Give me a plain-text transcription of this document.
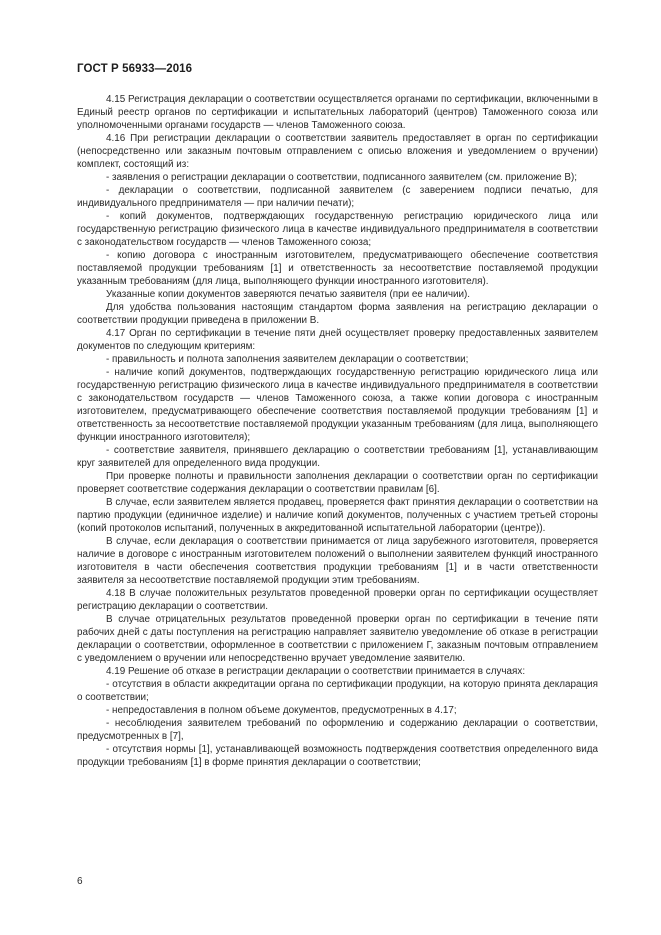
ГОСТ Р 56933—2016

4.15 Регистрация декларации о соответствии осуществляется органами по сертификации, включенными в Единый реестр органов по сертификации и испытательных лабораторий (центров) Таможенного союза или уполномоченными органами государств — членов Таможенного союза.

4.16 При регистрации декларации о соответствии заявитель предоставляет в орган по сертификации (непосредственно или заказным почтовым отправлением с описью вложения и уведомлением о вручении) комплект, состоящий из:

- заявления о регистрации декларации о соответствии, подписанного заявителем (см. приложение В);

- декларации о соответствии, подписанной заявителем (с заверением подписи печатью, для индивидуального предпринимателя — при наличии печати);

- копий документов, подтверждающих государственную регистрацию юридического лица или государственную регистрацию физического лица в качестве индивидуального предпринимателя в соответствии с законодательством государств — членов Таможенного союза;

- копию договора с иностранным изготовителем, предусматривающего обеспечение соответствия поставляемой продукции требованиям [1] и ответственность за несоответствие поставляемой продукции указанным требованиям (для лица, выполняющего функции иностранного изготовителя).

Указанные копии документов заверяются печатью заявителя (при ее наличии).

Для удобства пользования настоящим стандартом форма заявления на регистрацию декларации о соответствии продукции приведена в приложении В.

4.17 Орган по сертификации в течение пяти дней осуществляет проверку предоставленных заявителем документов по следующим критериям:

- правильность и полнота заполнения заявителем декларации о соответствии;

- наличие копий документов, подтверждающих государственную регистрацию юридического лица или государственную регистрацию физического лица в качестве индивидуального предпринимателя в соответствии с законодательством государств — членов Таможенного союза, а также копии договора с иностранным изготовителем, предусматривающего обеспечение соответствия поставляемой продукции требованиям [1] и ответственность за несоответствие поставляемой продукции указанным требованиям (для лица, выполняющего функции иностранного изготовителя);

- соответствие заявителя, принявшего декларацию о соответствии требованиям [1], устанавливающим круг заявителей для определенного вида продукции.

При проверке полноты и правильности заполнения декларации о соответствии орган по сертификации проверяет соответствие содержания декларации о соответствии правилам [6].

В случае, если заявителем является продавец, проверяется факт принятия декларации о соответствии на партию продукции (единичное изделие) и наличие копий документов, полученных с участием третьей стороны (копий протоколов испытаний, полученных в аккредитованной испытательной лаборатории (центре)).

В случае, если декларация о соответствии принимается от лица зарубежного изготовителя, проверяется наличие в договоре с иностранным изготовителем положений о выполнении заявителем функций иностранного изготовителя в части обеспечения соответствия продукции требованиям [1] и в части ответственности заявителя за несоответствие поставляемой продукции этим требованиям.

4.18 В случае положительных результатов проведенной проверки орган по сертификации осуществляет регистрацию декларации о соответствии.

В случае отрицательных результатов проведенной проверки орган по сертификации в течение пяти рабочих дней с даты поступления на регистрацию направляет заявителю уведомление об отказе в регистрации декларации о соответствии, оформленное в соответствии с приложением Г, заказным почтовым отправлением с уведомлением о вручении или непосредственно вручает уведомление заявителю.

4.19 Решение об отказе в регистрации декларации о соответствии принимается в случаях:

- отсутствия в области аккредитации органа по сертификации продукции, на которую принята декларация о соответствии;

- непредоставления в полном объеме документов, предусмотренных в 4.17;

- несоблюдения заявителем требований по оформлению и содержанию декларации о соответствии, предусмотренных в [7],

- отсутствия нормы [1], устанавливающей возможность подтверждения соответствия определенного вида продукции требованиям [1] в форме принятия декларации о соответствии;

6
